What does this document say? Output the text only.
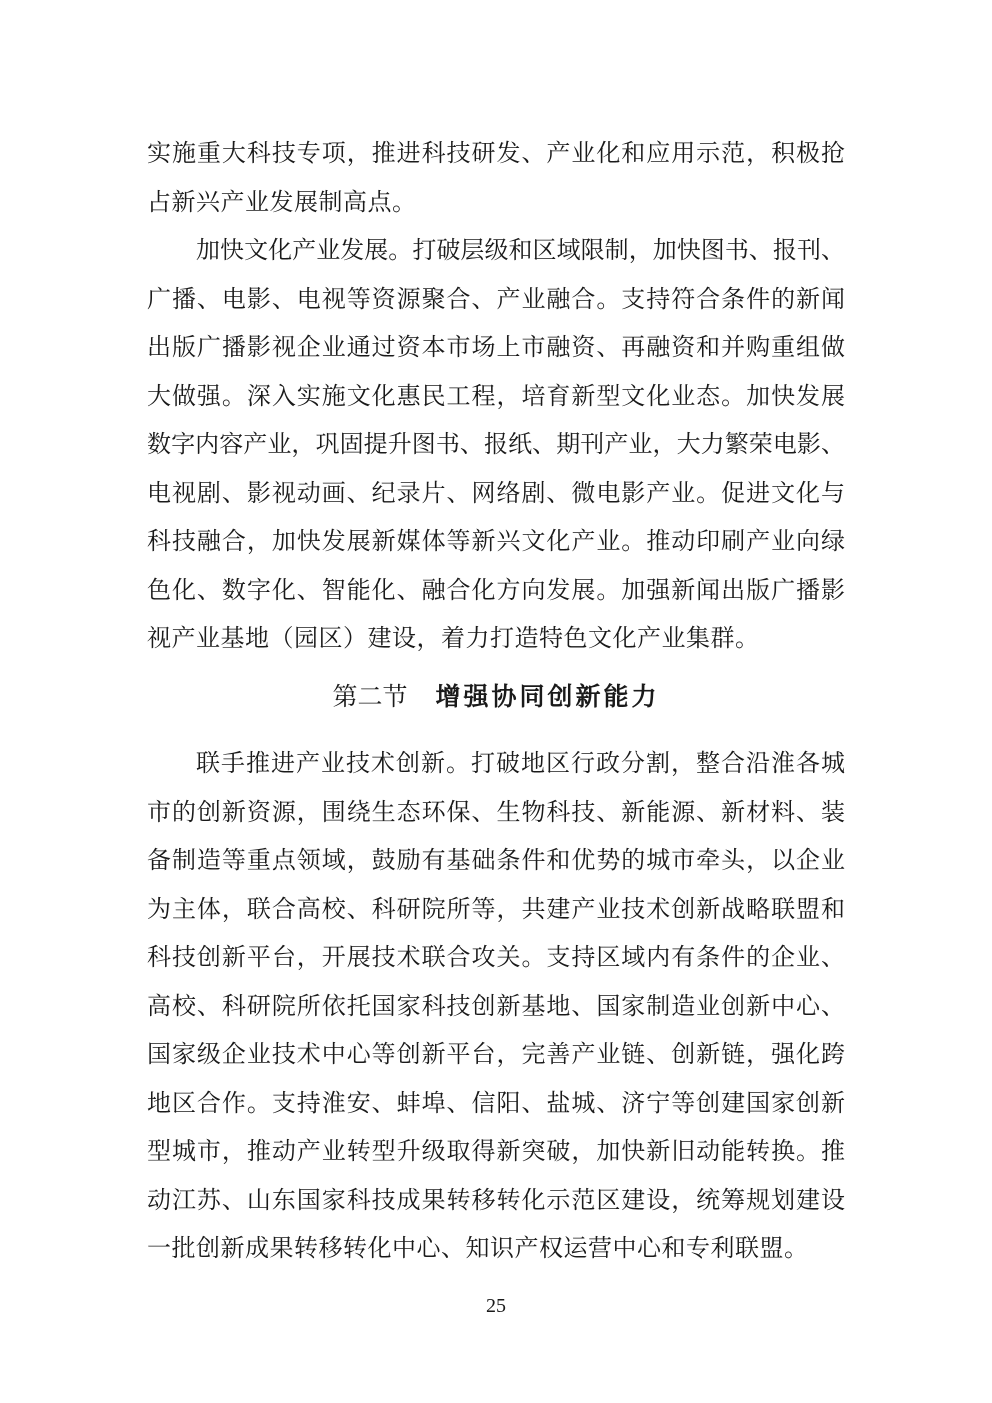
实施重大科技专项，推进科技研发、产业化和应用示范，积极抢
占新兴产业发展制高点。
加快文化产业发展。打破层级和区域限制，加快图书、报刊、
广播、电影、电视等资源聚合、产业融合。支持符合条件的新闻
出版广播影视企业通过资本市场上市融资、再融资和并购重组做
大做强。深入实施文化惠民工程，培育新型文化业态。加快发展
数字内容产业，巩固提升图书、报纸、期刊产业，大力繁荣电影、
电视剧、影视动画、纪录片、网络剧、微电影产业。促进文化与
科技融合，加快发展新媒体等新兴文化产业。推动印刷产业向绿
色化、数字化、智能化、融合化方向发展。加强新闻出版广播影
视产业基地（园区）建设，着力打造特色文化产业集群。
第二节 增强协同创新能力
联手推进产业技术创新。打破地区行政分割，整合沿淮各城
市的创新资源，围绕生态环保、生物科技、新能源、新材料、装
备制造等重点领域，鼓励有基础条件和优势的城市牵头，以企业
为主体，联合高校、科研院所等，共建产业技术创新战略联盟和
科技创新平台，开展技术联合攻关。支持区域内有条件的企业、
高校、科研院所依托国家科技创新基地、国家制造业创新中心、
国家级企业技术中心等创新平台，完善产业链、创新链，强化跨
地区合作。支持淮安、蚌埠、信阳、盐城、济宁等创建国家创新
型城市，推动产业转型升级取得新突破，加快新旧动能转换。推
动江苏、山东国家科技成果转移转化示范区建设，统筹规划建设
一批创新成果转移转化中心、知识产权运营中心和专利联盟。
25
